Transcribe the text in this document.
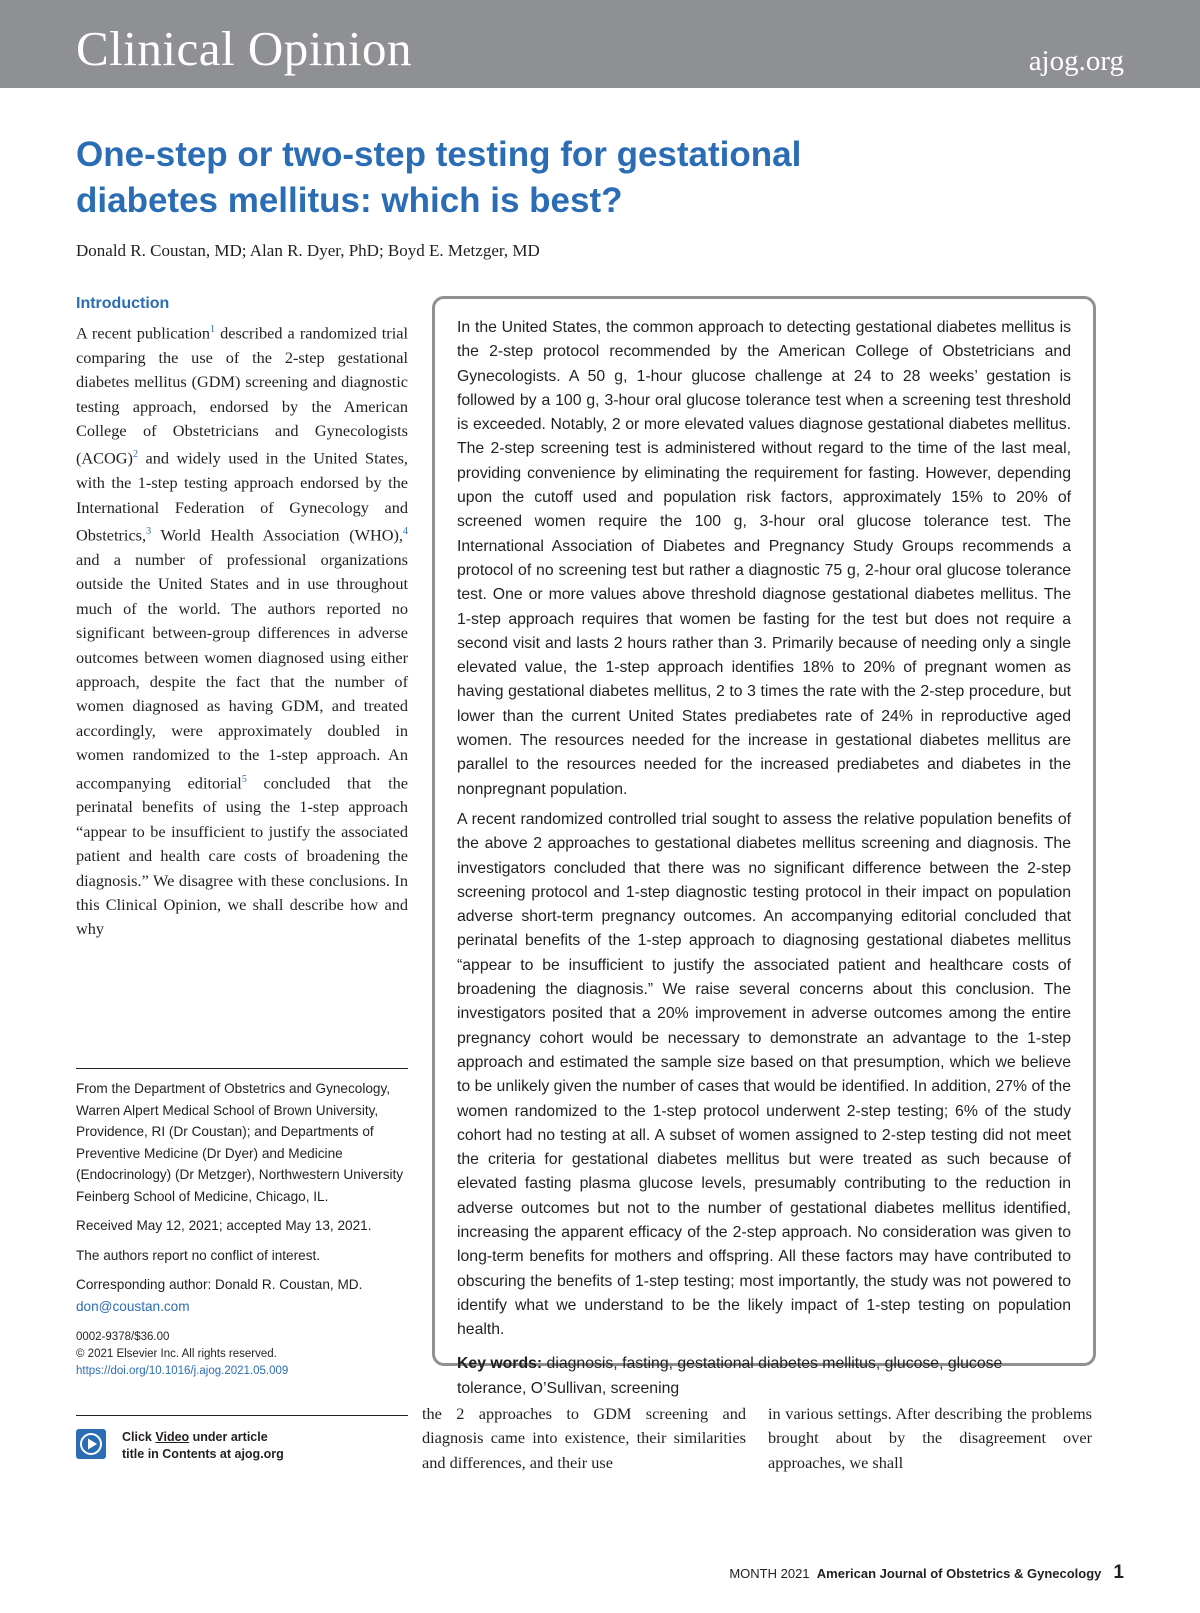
Clinical Opinion	ajog.org
One-step or two-step testing for gestational diabetes mellitus: which is best?
Donald R. Coustan, MD; Alan R. Dyer, PhD; Boyd E. Metzger, MD
Introduction
A recent publication$^1$ described a randomized trial comparing the use of the 2-step gestational diabetes mellitus (GDM) screening and diagnostic testing approach, endorsed by the American College of Obstetricians and Gynecologists (ACOG)$^2$ and widely used in the United States, with the 1-step testing approach endorsed by the International Federation of Gynecology and Obstetrics,$^3$ World Health Association (WHO),$^4$ and a number of professional organizations outside the United States and in use throughout much of the world. The authors reported no significant between-group differences in adverse outcomes between women diagnosed using either approach, despite the fact that the number of women diagnosed as having GDM, and treated accordingly, were approximately doubled in women randomized to the 1-step approach. An accompanying editorial$^5$ concluded that the perinatal benefits of using the 1-step approach “appear to be insufficient to justify the associated patient and health care costs of broadening the diagnosis.” We disagree with these conclusions. In this Clinical Opinion, we shall describe how and why

In the United States, the common approach to detecting gestational diabetes mellitus is the 2-step protocol recommended by the American College of Obstetricians and Gynecologists. A 50 g, 1-hour glucose challenge at 24 to 28 weeks’ gestation is followed by a 100 g, 3-hour oral glucose tolerance test when a screening test threshold is exceeded. Notably, 2 or more elevated values diagnose gestational diabetes mellitus. The 2-step screening test is administered without regard to the time of the last meal, providing convenience by eliminating the requirement for fasting. However, depending upon the cutoff used and population risk factors, approximately 15% to 20% of screened women require the 100 g, 3-hour oral glucose tolerance test. The International Association of Diabetes and Pregnancy Study Groups recommends a protocol of no screening test but rather a diagnostic 75 g, 2-hour oral glucose tolerance test. One or more values above threshold diagnose gestational diabetes mellitus. The 1-step approach requires that women be fasting for the test but does not require a second visit and lasts 2 hours rather than 3. Primarily because of needing only a single elevated value, the 1-step approach identifies 18% to 20% of pregnant women as having gestational diabetes mellitus, 2 to 3 times the rate with the 2-step procedure, but lower than the current United States prediabetes rate of 24% in reproductive aged women. The resources needed for the increase in gestational diabetes mellitus are parallel to the resources needed for the increased prediabetes and diabetes in the nonpregnant population.

A recent randomized controlled trial sought to assess the relative population benefits of the above 2 approaches to gestational diabetes mellitus screening and diagnosis. The investigators concluded that there was no significant difference between the 2-step screening protocol and 1-step diagnostic testing protocol in their impact on population adverse short-term pregnancy outcomes. An accompanying editorial concluded that perinatal benefits of the 1-step approach to diagnosing gestational diabetes mellitus “appear to be insufficient to justify the associated patient and healthcare costs of broadening the diagnosis.” We raise several concerns about this conclusion. The investigators posited that a 20% improvement in adverse outcomes among the entire pregnancy cohort would be necessary to demonstrate an advantage to the 1-step approach and estimated the sample size based on that presumption, which we believe to be unlikely given the number of cases that would be identified. In addition, 27% of the women randomized to the 1-step protocol underwent 2-step testing; 6% of the study cohort had no testing at all. A subset of women assigned to 2-step testing did not meet the criteria for gestational diabetes mellitus but were treated as such because of elevated fasting plasma glucose levels, presumably contributing to the reduction in adverse outcomes but not to the number of gestational diabetes mellitus identified, increasing the apparent efficacy of the 2-step approach. No consideration was given to long-term benefits for mothers and offspring. All these factors may have contributed to obscuring the benefits of 1-step testing; most importantly, the study was not powered to identify what we understand to be the likely impact of 1-step testing on population health.

Key words: diagnosis, fasting, gestational diabetes mellitus, glucose, glucose tolerance, O’Sullivan, screening

From the Department of Obstetrics and Gynecology, Warren Alpert Medical School of Brown University, Providence, RI (Dr Coustan); and Departments of Preventive Medicine (Dr Dyer) and Medicine (Endocrinology) (Dr Metzger), Northwestern University Feinberg School of Medicine, Chicago, IL.

Received May 12, 2021; accepted May 13, 2021.

The authors report no conflict of interest.

Corresponding author: Donald R. Coustan, MD.
don@coustan.com

0002-9378/$36.00
© 2021 Elsevier Inc. All rights reserved.
https://doi.org/10.1016/j.ajog.2021.05.009
Click Video under article
title in Contents at ajog.org
the 2 approaches to GDM screening and diagnosis came into existence, their similarities and differences, and their use
in various settings. After describing the problems brought about by the disagreement over approaches, we shall
MONTH 2021 American Journal of Obstetrics & Gynecology 1
